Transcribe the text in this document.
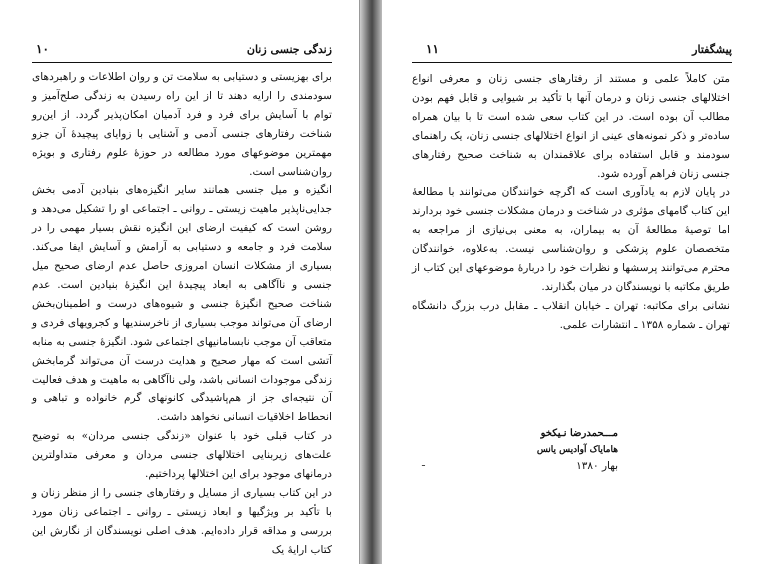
۱۰	زندگی جنسی زنان

برای بهزیستی و دستیابی به سلامت تن و روان اطلاعات و راهبردهای سودمندی را ارایه دهند تا از این راه رسیدن به زندگی صلح‌آمیز و توام با آسایش برای فرد و فرد آدمیان امکان‌پذیر گردد. از این‌رو شناخت رفتارهای جنسی آدمی و آشنایی با زوایای پیچیدهٔ آن جزو مهمترین موضوعهای مورد مطالعه در حوزهٔ علوم رفتاری و بویژه روان‌شناسی است.

انگیزه و میل جنسی همانند سایر انگیزه‌های بنیادین آدمی بخش جدایی‌ناپذیر ماهیت زیستی ـ روانی ـ اجتماعی او را تشکیل می‌دهد و روشن است که کیفیت ارضای این انگیزه نقش بسیار مهمی را در سلامت فرد و جامعه و دستیابی به آرامش و آسایش ایفا می‌کند. بسیاری از مشکلات انسان امروزی حاصل عدم ارضای صحیح میل جنسی و ناآگاهی به ابعاد پیچیدهٔ این انگیزهٔ بنیادین است. عدم شناخت صحیح انگیزهٔ جنسی و شیوه‌های درست و اطمینان‌بخش ارضای آن می‌تواند موجب بسیاری از ناخرسندیها و کجرویهای فردی و متعاقب آن موجب نابسامانیهای اجتماعی شود. انگیزهٔ جنسی به منابه آتشی است که مهار صحیح و هدایت درست آن می‌تواند گرمابخش زندگی موجودات انسانی باشد، ولی ناآگاهی به ماهیت و هدف فعالیت آن نتیجه‌ای جز از هم‌پاشیدگی کانونهای گرم خانواده و تباهی و انحطاط اخلاقیات انسانی نخواهد داشت.

در کتاب قبلی خود با عنوان «زندگی جنسی مردان» به توضیح علت‌های زیربنایی اختلالهای جنسی مردان و معرفی متداولترین درمانهای موجود برای این اختلالها پرداختیم.

در این کتاب بسیاری از مسایل و رفتارهای جنسی را از منظر زنان و با تأکید بر ویژگیها و ابعاد زیستی ـ روانی ـ اجتماعی زنان مورد بررسی و مداقه قرار داده‌ایم. هدف اصلی نویسندگان از نگارش این کتاب ارایهٔ یک

۱۱	پیشگفتار

متن کاملاً علمی و مستند از رفتارهای جنسی زنان و معرفی انواع اختلالهای جنسی زنان و درمان آنها با تأکید بر شیوایی و قابل فهم بودن مطالب آن بوده است. در این کتاب سعی شده است تا با بیان همراه ساده‌تر و ذکر نمونه‌های عینی از انواع اختلالهای جنسی زنان، یک راهنمای سودمند و قابل استفاده برای علاقمندان به شناخت صحیح رفتارهای جنسی زنان فراهم آورده شود.

در پایان لازم به یادآوری است که اگرچه خوانندگان می‌توانند با مطالعهٔ این کتاب گامهای مؤثری در شناخت و درمان مشکلات جنسی خود بردارند اما توصیهٔ مطالعهٔ آن به بیماران، به معنی بی‌نیازی از مراجعه به متخصصان علوم پزشکی و روان‌شناسی نیست. به‌علاوه، خوانندگان محترم می‌توانند پرسشها و نظرات خود را دربارهٔ موضوعهای این کتاب از طریق مکاتبه با نویسندگان در میان بگذارند.

نشانی برای مکاتبه: تهران ـ خیابان انقلاب ـ مقابل درب بزرگ دانشگاه تهران ـ شماره ۱۳۵۸ ـ انتشارات علمی.

مـــحمدرضا نـیکخو
هامایاک آوادیس یانس
بهار ۱۳۸۰
ـ
